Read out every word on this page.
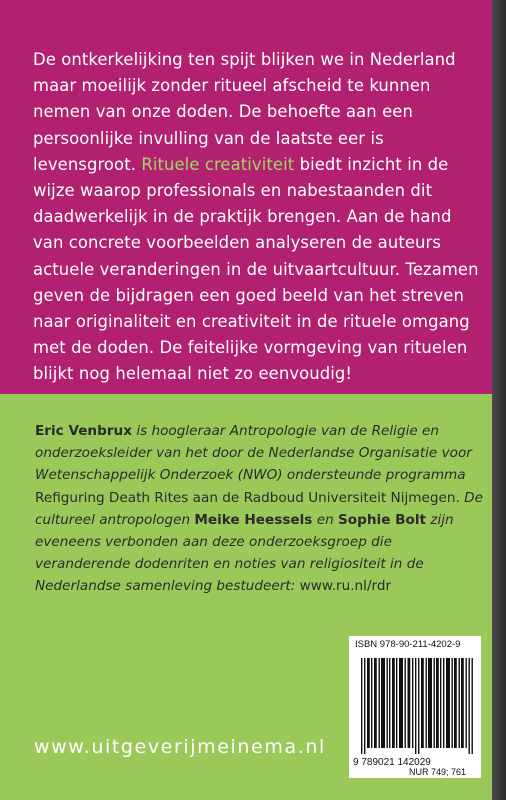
De ontkerkelijking ten spijt blijken we in Nederland maar moeilijk zonder ritueel afscheid te kunnen nemen van onze doden. De behoefte aan een persoonlijke invulling van de laatste eer is levensgroot. Rituele creativiteit biedt inzicht in de wijze waarop professionals en nabestaanden dit daadwerkelijk in de praktijk brengen. Aan de hand van concrete voorbeelden analyseren de auteurs actuele veranderingen in de uitvaartcultuur. Tezamen geven de bijdragen een goed beeld van het streven naar originaliteit en creativiteit in de rituele omgang met de doden. De feitelijke vormgeving van rituelen blijkt nog helemaal niet zo eenvoudig!

Eric Venbrux is hoogleraar Antropologie van de Religie en onderzoeksleider van het door de Nederlandse Organisatie voor Wetenschappelijk Onderzoek (NWO) ondersteunde programma Refiguring Death Rites aan de Radboud Universiteit Nijmegen. De cultureel antropologen Meike Heessels en Sophie Bolt zijn eveneens verbonden aan deze onderzoeksgroep die veranderende dodenriten en noties van religiositeit in de Nederlandse samenleving bestudeert: www.ru.nl/rdr

ISBN 978-90-211-4202-9
9 789021 142029
NUR 749; 761
www.uitgeverijmeinema.nl
